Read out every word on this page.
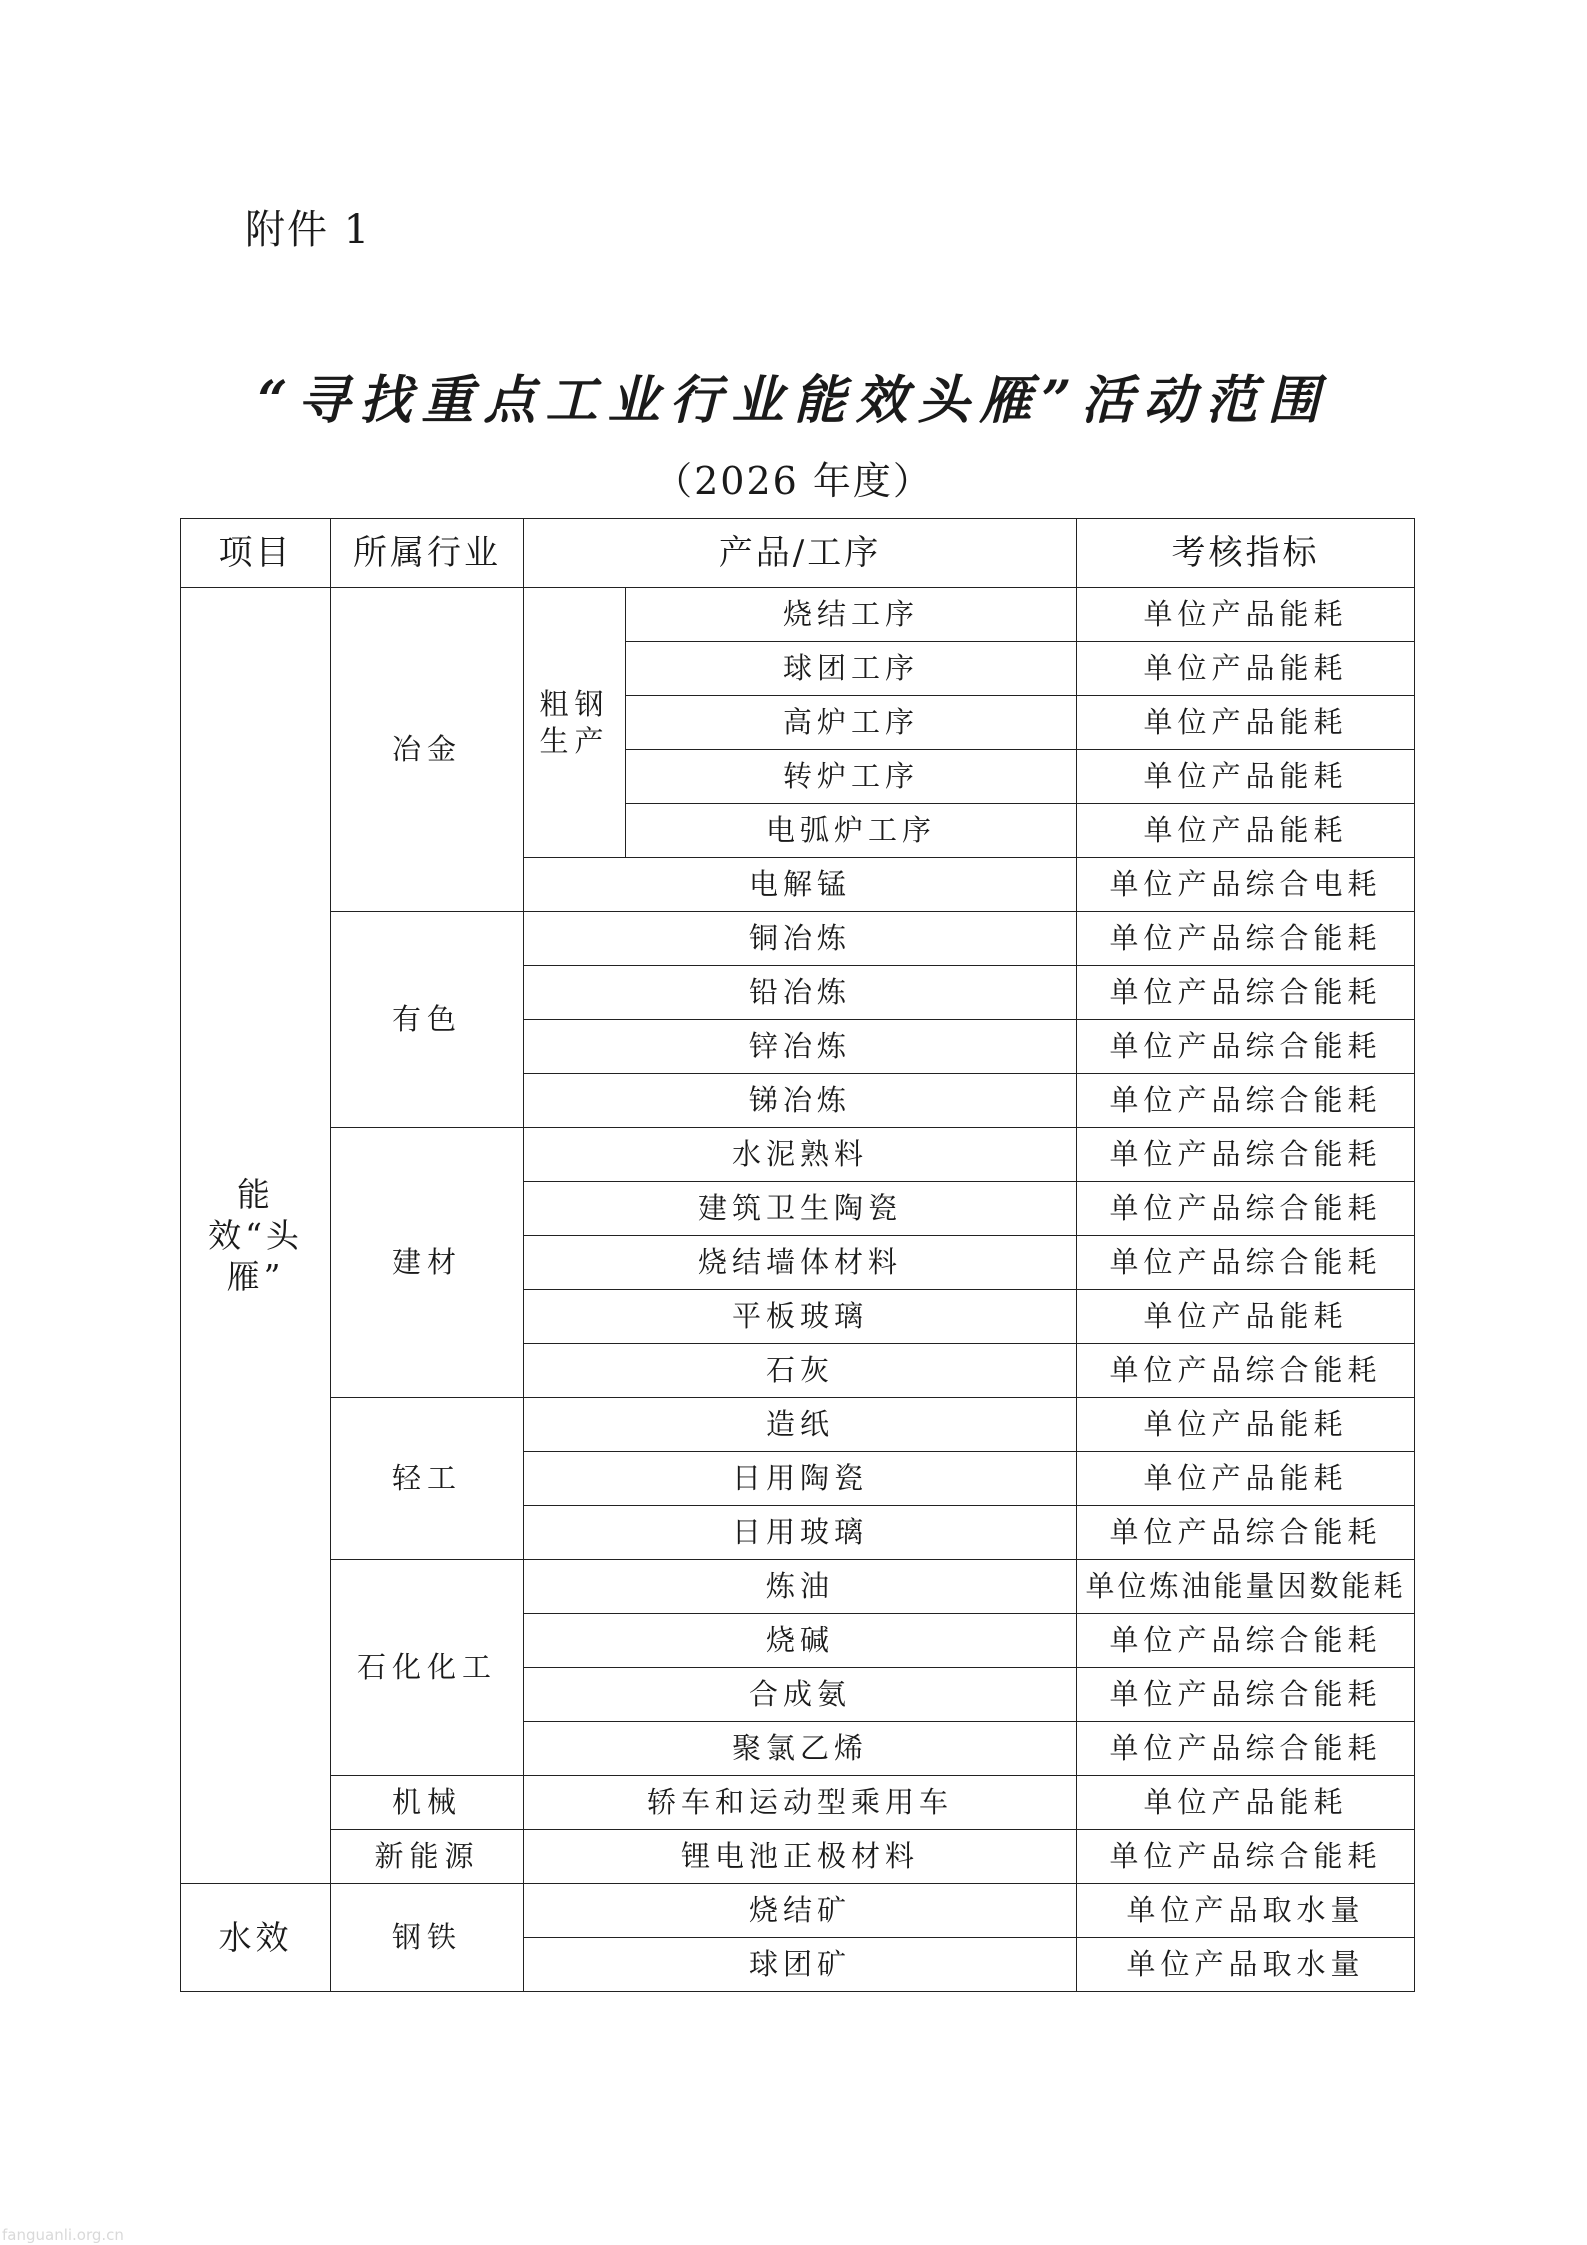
附件 1
“寻找重点工业行业能效头雁”活动范围
（2026 年度）
项目	所属行业	产品/工序		考核指标
能效“头雁”	冶金	粗钢生产	烧结工序	单位产品能耗
			球团工序	单位产品能耗
			高炉工序	单位产品能耗
			转炉工序	单位产品能耗
			电弧炉工序	单位产品能耗
		电解锰		单位产品综合电耗
	有色	铜冶炼		单位产品综合能耗
		铅冶炼		单位产品综合能耗
		锌冶炼		单位产品综合能耗
		锑冶炼		单位产品综合能耗
	建材	水泥熟料		单位产品综合能耗
		建筑卫生陶瓷		单位产品综合能耗
		烧结墙体材料		单位产品综合能耗
		平板玻璃		单位产品能耗
		石灰		单位产品综合能耗
	轻工	造纸		单位产品能耗
		日用陶瓷		单位产品能耗
		日用玻璃		单位产品综合能耗
	石化化工	炼油		单位炼油能量因数能耗
		烧碱		单位产品综合能耗
		合成氨		单位产品综合能耗
		聚氯乙烯		单位产品综合能耗
	机械	轿车和运动型乘用车		单位产品能耗
	新能源	锂电池正极材料		单位产品综合能耗
水效	钢铁	烧结矿		单位产品取水量
		球团矿		单位产品取水量
fanguanli.org.cn
